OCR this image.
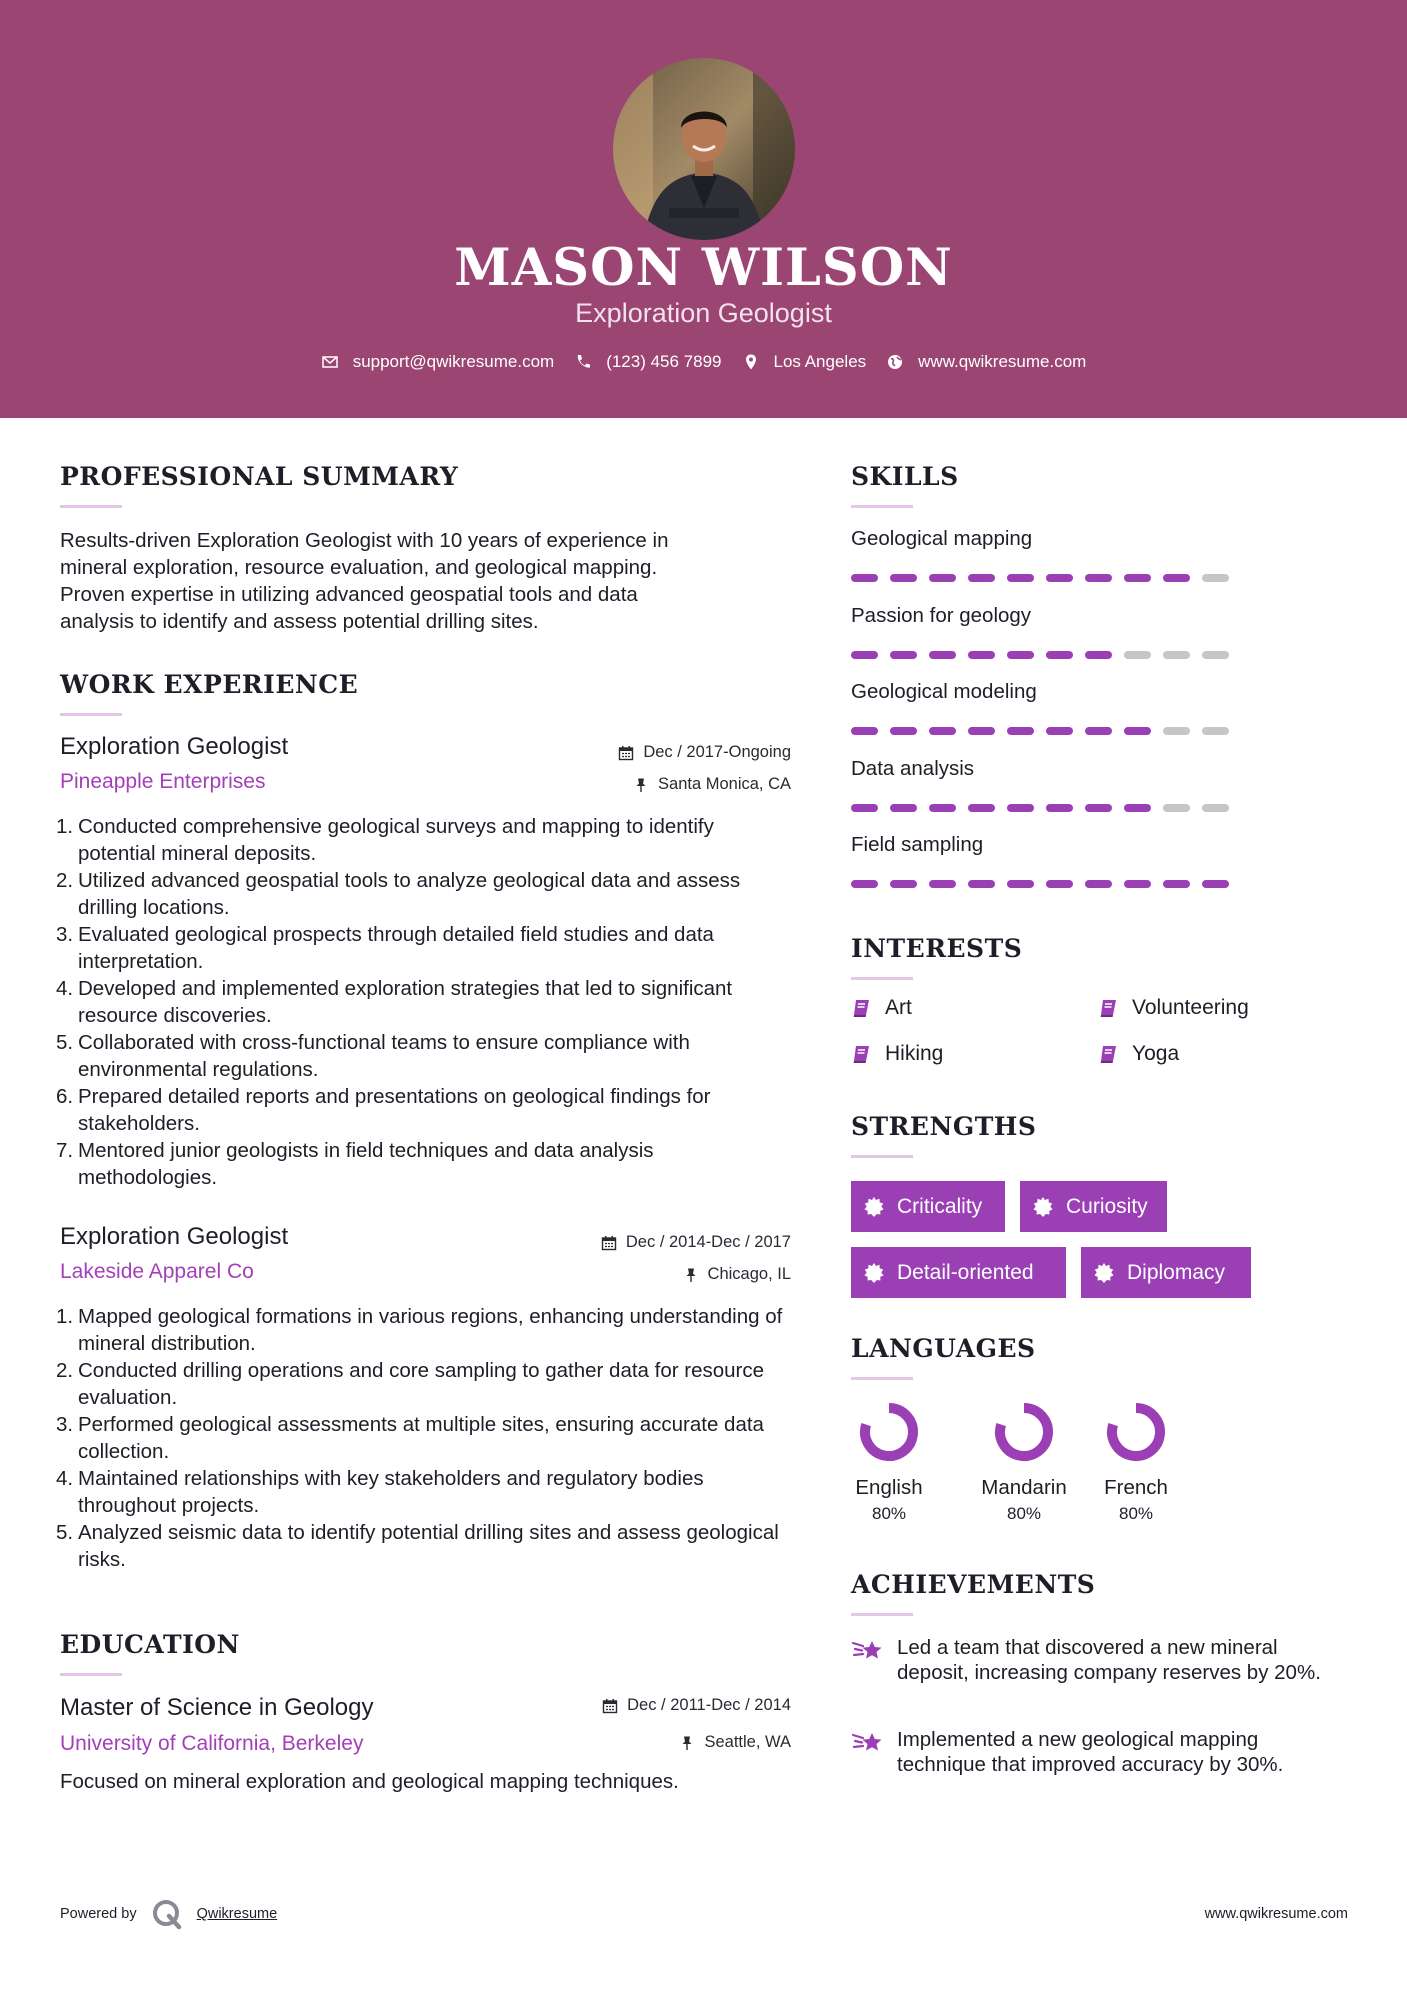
MASON WILSON
Exploration Geologist
support@qwikresume.com	(123) 456 7899	Los Angeles	www.qwikresume.com
PROFESSIONAL SUMMARY
Results-driven Exploration Geologist with 10 years of experience in
mineral exploration, resource evaluation, and geological mapping.
Proven expertise in utilizing advanced geospatial tools and data
analysis to identify and assess potential drilling sites.
WORK EXPERIENCE
Exploration Geologist
Pineapple Enterprises
Dec / 2017-Ongoing
Santa Monica, CA
Conducted comprehensive geological surveys and mapping to identify potential mineral deposits.
Utilized advanced geospatial tools to analyze geological data and assess drilling locations.
Evaluated geological prospects through detailed field studies and data interpretation.
Developed and implemented exploration strategies that led to significant resource discoveries.
Collaborated with cross-functional teams to ensure compliance with environmental regulations.
Prepared detailed reports and presentations on geological findings for stakeholders.
Mentored junior geologists in field techniques and data analysis methodologies.
Exploration Geologist
Lakeside Apparel Co
Dec / 2014-Dec / 2017
Chicago, IL
Mapped geological formations in various regions, enhancing understanding of mineral distribution.
Conducted drilling operations and core sampling to gather data for resource evaluation.
Performed geological assessments at multiple sites, ensuring accurate data collection.
Maintained relationships with key stakeholders and regulatory bodies throughout projects.
Analyzed seismic data to identify potential drilling sites and assess geological risks.
EDUCATION
Master of Science in Geology
University of California, Berkeley
Dec / 2011-Dec / 2014
Seattle, WA
Focused on mineral exploration and geological mapping techniques.
SKILLS
Geological mapping
Passion for geology
Geological modeling
Data analysis
Field sampling
INTERESTS
Art	Volunteering
Hiking	Yoga
STRENGTHS
Criticality	Curiosity
Detail-oriented	Diplomacy
LANGUAGES
English
80%
Mandarin
80%
French
80%
ACHIEVEMENTS
Led a team that discovered a new mineral deposit, increasing company reserves by 20%.
Implemented a new geological mapping technique that improved accuracy by 30%.
Powered by	Qwikresume	www.qwikresume.com
